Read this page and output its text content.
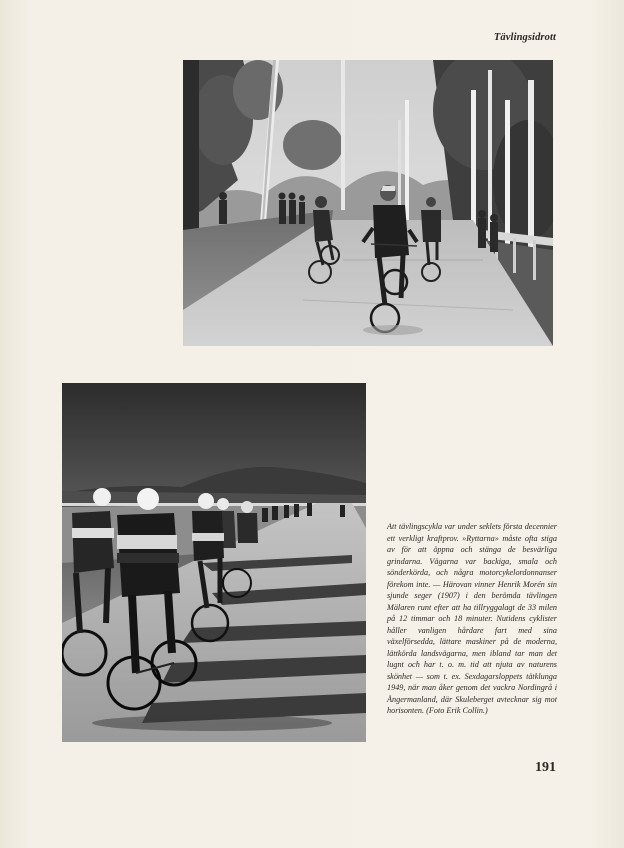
Tävlingsidrott

Att tävlingscykla var under seklets första decennier ett verkligt kraftprov. »Ryttarna» måste ofta stiga av för att öppna och stänga de besvärliga grindarna. Vägarna var backiga, smala och sönderkörda, och några motorcykelordonnanser förekom inte. — Härovan vinner Henrik Morén sin sjunde seger (1907) i den berömda tävlingen Mälaren runt efter att ha tillryggalagt de 33 milen på 12 timmar och 18 minuter. Nutidens cyklister håller vanligen hårdare fart med sina växelförsedda, lättare maskiner på de moderna, lättkörda landsvägarna, men ibland tar man det lugnt och har t. o. m. tid att njuta av naturens skönhet — som t. ex. Sexdagarsloppets tätklunga 1949, när man åker genom det vackra Nordingrå i Ångermanland, där Skuleberget avtecknar sig mot horisonten. (Foto Erik Collin.)

191
